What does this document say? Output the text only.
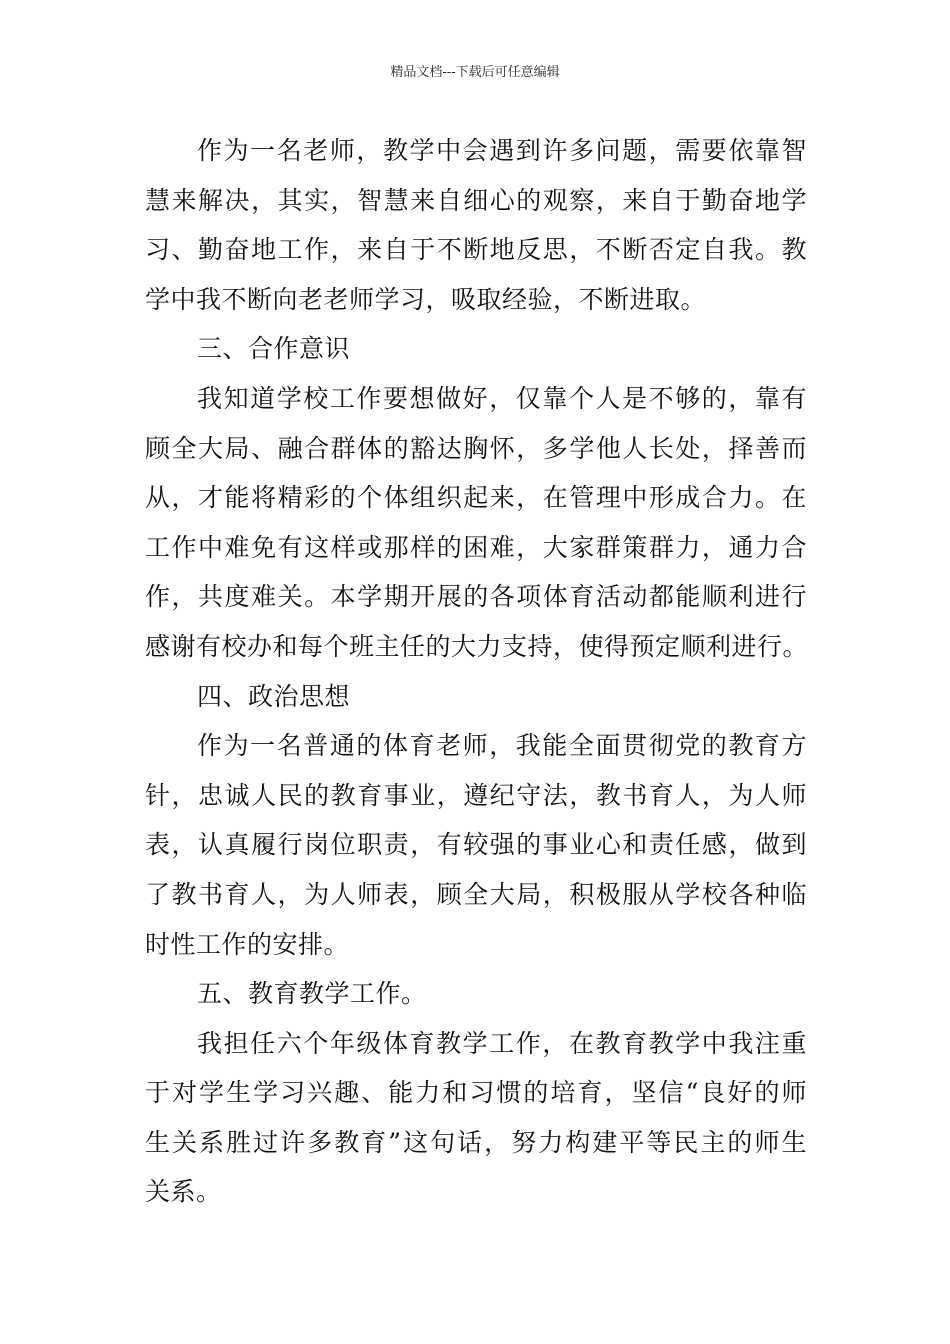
精品文档---下载后可任意编辑
作为一名老师，教学中会遇到许多问题，需要依靠智
慧来解决，其实，智慧来自细心的观察，来自于勤奋地学
习、勤奋地工作，来自于不断地反思，不断否定自我。教
学中我不断向老老师学习，吸取经验，不断进取。
三、合作意识
我知道学校工作要想做好，仅靠个人是不够的，靠有
顾全大局、融合群体的豁达胸怀，多学他人长处，择善而
从，才能将精彩的个体组织起来，在管理中形成合力。在
工作中难免有这样或那样的困难，大家群策群力，通力合
作，共度难关。本学期开展的各项体育活动都能顺利进行
感谢有校办和每个班主任的大力支持，使得预定顺利进行。
四、政治思想
作为一名普通的体育老师，我能全面贯彻党的教育方
针，忠诚人民的教育事业，遵纪守法，教书育人，为人师
表，认真履行岗位职责，有较强的事业心和责任感，做到
了教书育人，为人师表，顾全大局，积极服从学校各种临
时性工作的安排。
五、教育教学工作。
我担任六个年级体育教学工作，在教育教学中我注重
于对学生学习兴趣、能力和习惯的培育，坚信“良好的师
生关系胜过许多教育”这句话，努力构建平等民主的师生
关系。
